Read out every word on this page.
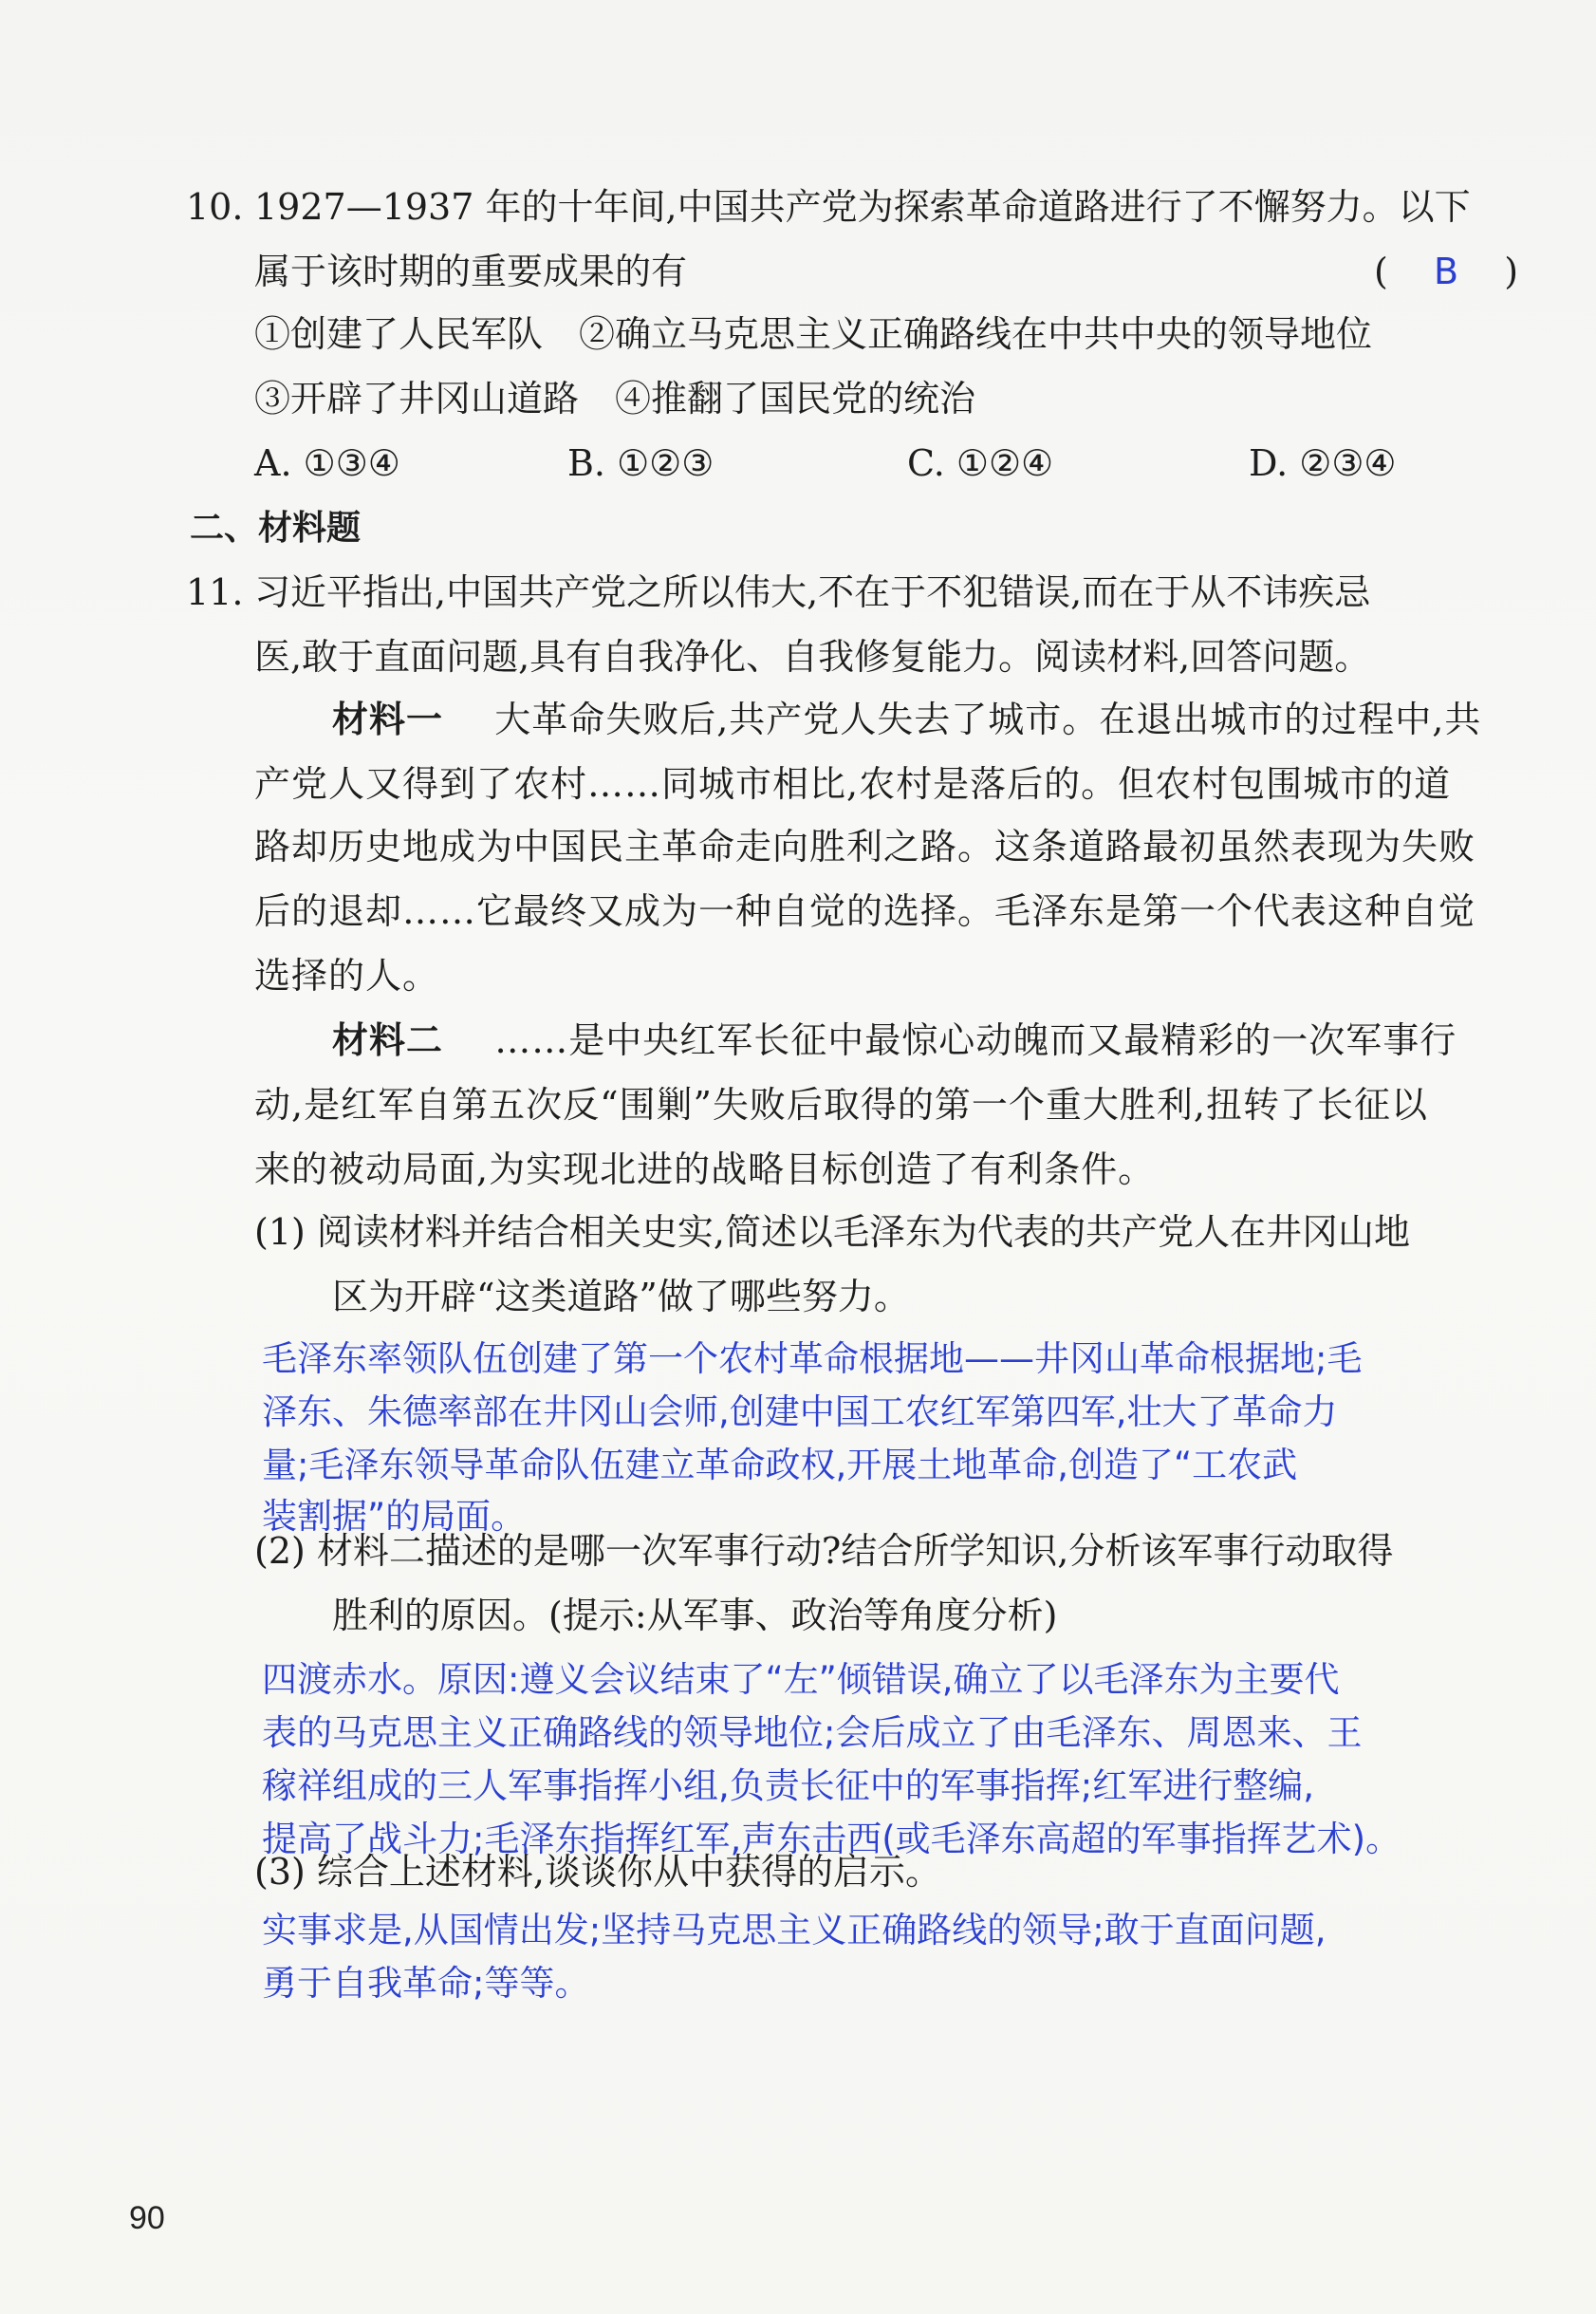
10. 1927—1937 年的十年间,中国共产党为探索革命道路进行了不懈努力。以下
属于该时期的重要成果的有	( B )
①创建了人民军队　②确立马克思主义正确路线在中共中央的领导地位
③开辟了井冈山道路　④推翻了国民党的统治
A. ①③④	B. ①②③	C. ①②④	D. ②③④
二、材料题
11. 习近平指出,中国共产党之所以伟大,不在于不犯错误,而在于从不讳疾忌
医,敢于直面问题,具有自我净化、自我修复能力。阅读材料,回答问题。
材料一 大革命失败后,共产党人失去了城市。在退出城市的过程中,共
产党人又得到了农村……同城市相比,农村是落后的。但农村包围城市的道
路却历史地成为中国民主革命走向胜利之路。这条道路最初虽然表现为失败
后的退却……它最终又成为一种自觉的选择。毛泽东是第一个代表这种自觉
选择的人。
材料二 ……是中央红军长征中最惊心动魄而又最精彩的一次军事行
动,是红军自第五次反“围剿”失败后取得的第一个重大胜利,扭转了长征以
来的被动局面,为实现北进的战略目标创造了有利条件。
(1) 阅读材料并结合相关史实,简述以毛泽东为代表的共产党人在井冈山地
区为开辟“这类道路”做了哪些努力。
毛泽东率领队伍创建了第一个农村革命根据地——井冈山革命根据地;毛
泽东、朱德率部在井冈山会师,创建中国工农红军第四军,壮大了革命力
量;毛泽东领导革命队伍建立革命政权,开展土地革命,创造了“工农武
装割据”的局面。
(2) 材料二描述的是哪一次军事行动?结合所学知识,分析该军事行动取得
胜利的原因。(提示:从军事、政治等角度分析)
四渡赤水。原因:遵义会议结束了“左”倾错误,确立了以毛泽东为主要代
表的马克思主义正确路线的领导地位;会后成立了由毛泽东、周恩来、王
稼祥组成的三人军事指挥小组,负责长征中的军事指挥;红军进行整编,
提高了战斗力;毛泽东指挥红军,声东击西(或毛泽东高超的军事指挥艺术)。
(3) 综合上述材料,谈谈你从中获得的启示。
实事求是,从国情出发;坚持马克思主义正确路线的领导;敢于直面问题,
勇于自我革命;等等。
90
